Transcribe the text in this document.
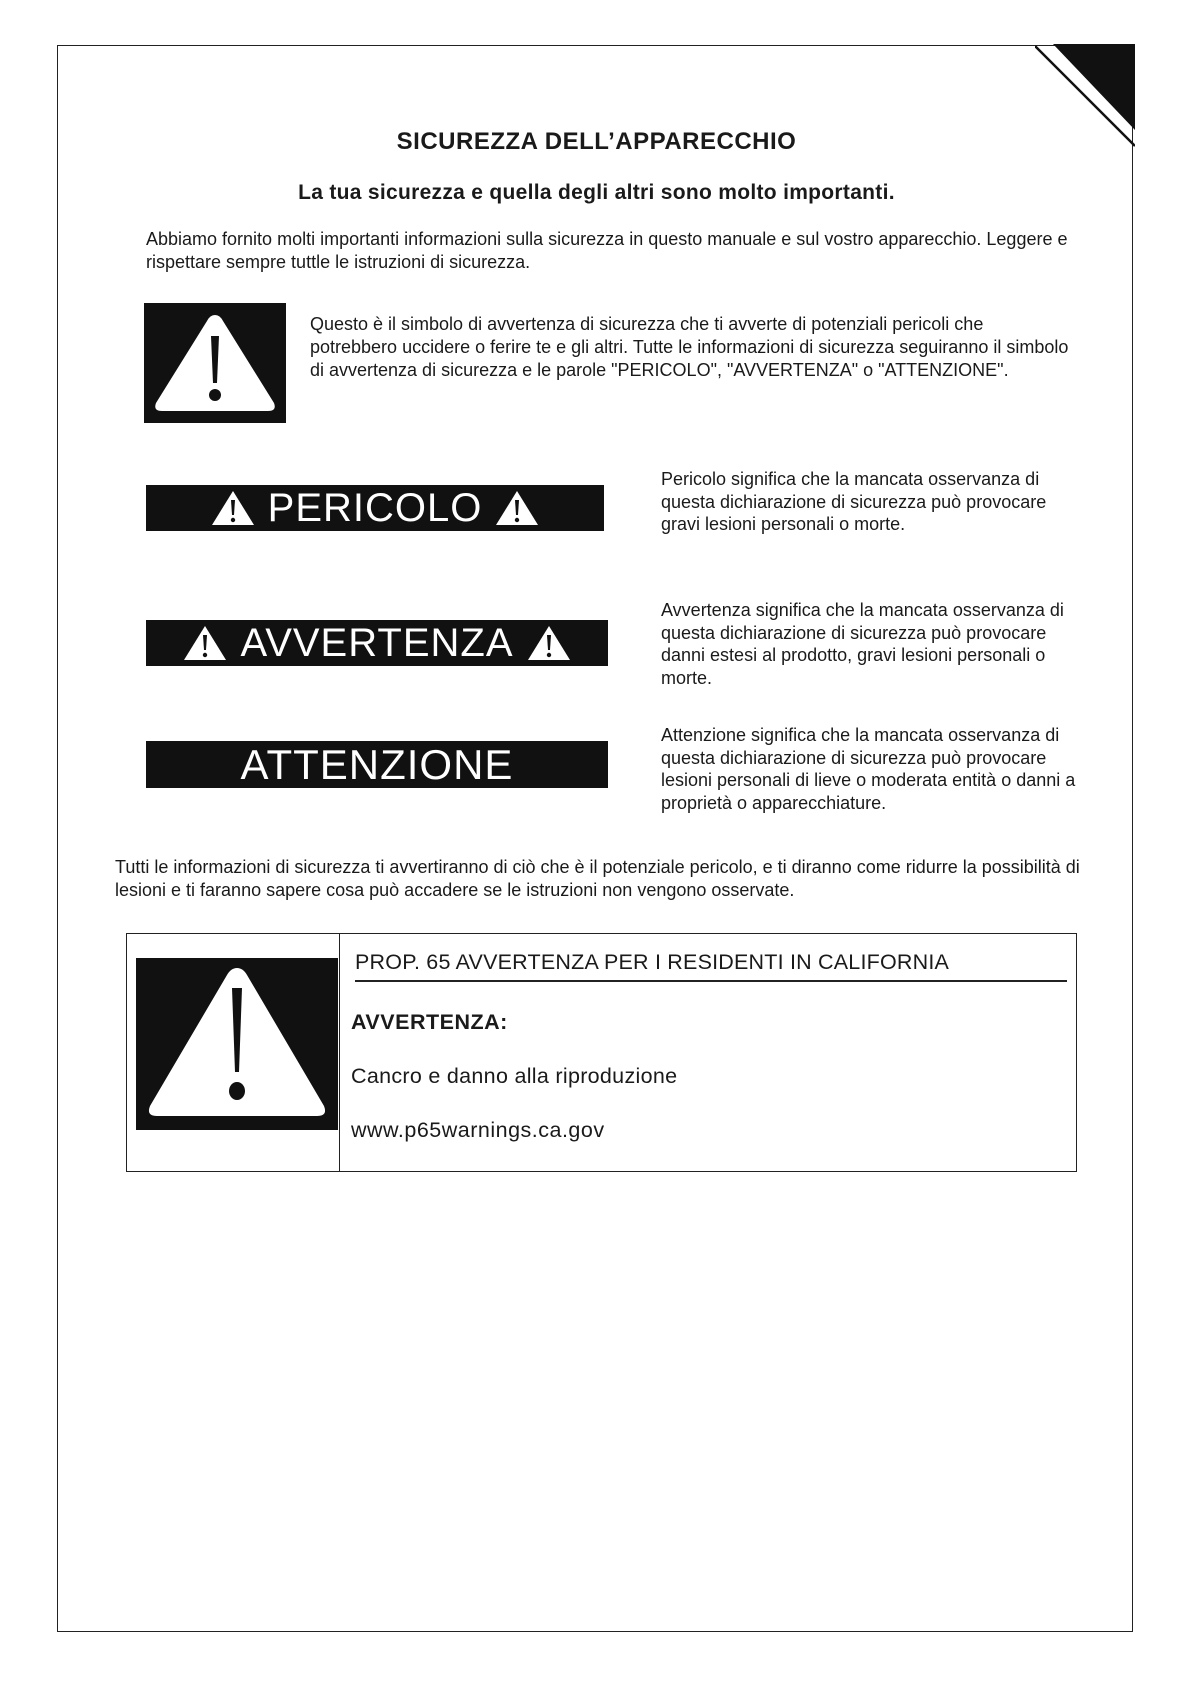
SICUREZZA DELL’APPARECCHIO
La tua sicurezza e quella degli altri sono molto importanti.
Abbiamo fornito molti importanti informazioni sulla sicurezza in questo manuale e sul vostro apparecchio. Leggere e rispettare sempre tuttle le istruzioni di sicurezza.
Questo è il simbolo di avvertenza di sicurezza che ti avverte di potenziali pericoli che potrebbero uccidere o ferire te e gli altri. Tutte le informazioni di sicurezza seguiranno il simbolo di avvertenza di sicurezza e le parole "PERICOLO", "AVVERTENZA" o "ATTENZIONE".
PERICOLO
Pericolo significa che la mancata osservanza di questa dichiarazione di sicurezza può provocare gravi lesioni personali o morte.
AVVERTENZA
Avvertenza significa che la mancata osservanza di questa dichiarazione di sicurezza può provocare danni estesi al prodotto, gravi lesioni personali o morte.
ATTENZIONE
Attenzione significa che la mancata osservanza di questa dichiarazione di sicurezza può provocare lesioni personali di lieve o moderata entità o danni a proprietà o apparecchiature.
Tutti le informazioni di sicurezza ti avvertiranno di ciò che è il potenziale pericolo, e ti diranno come ridurre la possibilità di lesioni e ti faranno sapere cosa può accadere se le istruzioni non vengono osservate.
PROP. 65 AVVERTENZA PER I RESIDENTI IN CALIFORNIA
AVVERTENZA:
Cancro e danno alla riproduzione
www.p65warnings.ca.gov
